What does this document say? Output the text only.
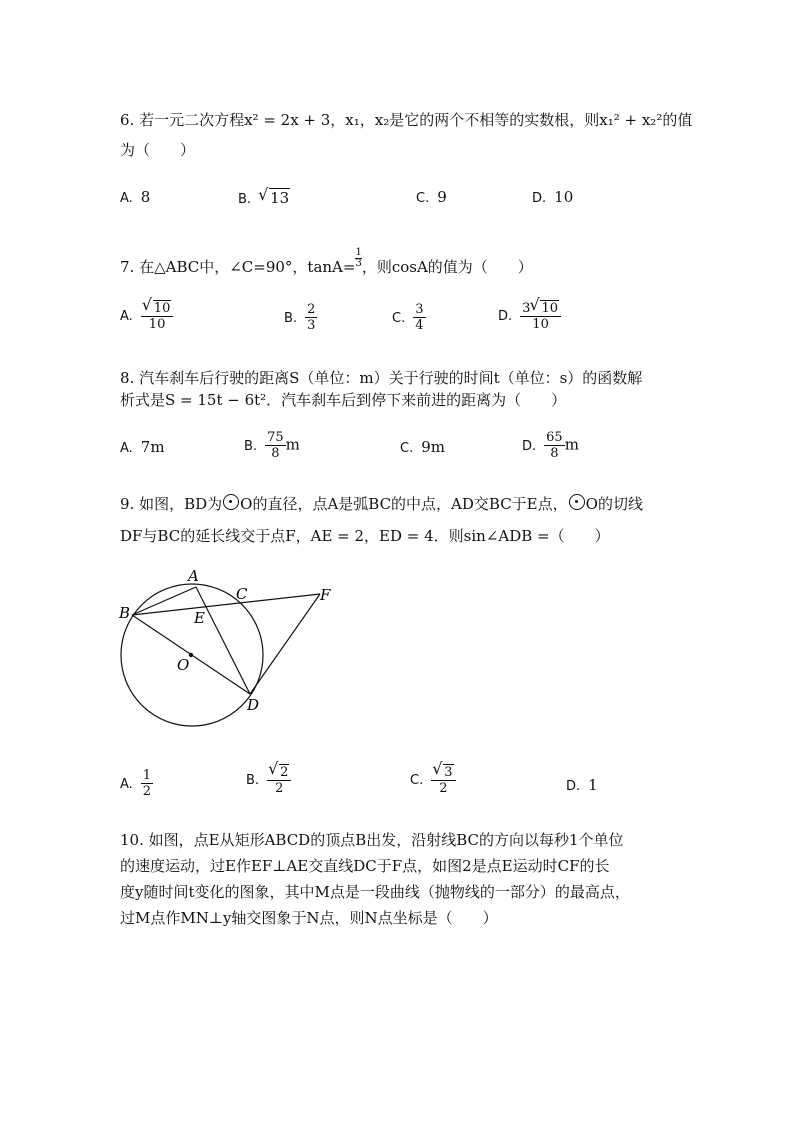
6. 若一元二次方程x² = 2x + 3，x₁，x₂是它的两个不相等的实数根，则x₁² + x₂²的值
为（　　）
A. 8	B. √ 13	C. 9	D. 10
7. 在△ABC中，∠C=90°，$\tan A= \frac{1}{3}$ ，则cosA的值为（　　）
A. √ $\frac{10}{10}$	B. $\frac{2}{3}$	C. $\frac{3}{4}$	D. $\frac{3 √ 10}{10}$
8. 汽车刹车后行驶的距离S（单位：m）关于行驶的时间t（单位：s）的函数解
析式是S = 15t − 6t²．汽车刹车后到停下来前进的距离为（　　）
A. 7m	B. $\frac{75}{8}$ m	C. 9m	D. $\frac{65}{8}$ m
9. 如图，BD为 O的直径，点A是弧BC的中点，AD交BC于E点， O的切线
DF与BC的延长线交于点F，AE = 2，ED = 4．则sin∠ADB =（　　）
A
B
C
D
E
F
O
A. $\frac{1}{2}$	B. √ $\frac{2}{2}$	C. √ $\frac{3}{2}$	D. 1
10. 如图，点E从矩形ABCD的顶点B出发，沿射线BC的方向以每秒1个单位
的速度运动，过E作EF⊥AE交直线DC于F点，如图2是点E运动时CF的长
度y随时间t变化的图象，其中M点是一段曲线（抛物线的一部分）的最高点，
过M点作MN⊥y轴交图象于N点，则N点坐标是（　　）
